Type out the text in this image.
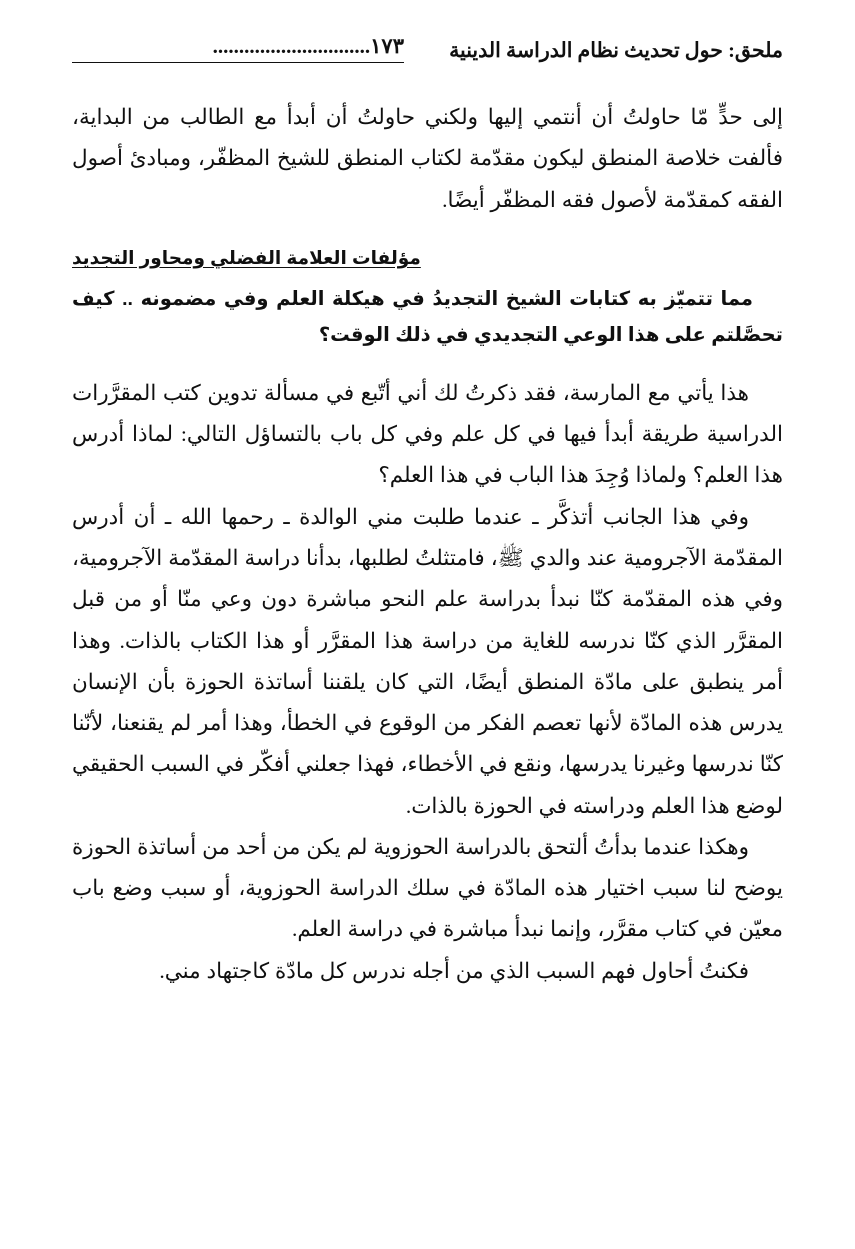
ملحق: حول تحديث نظام الدراسة الدينية
١٧٣..............................

إلى حدٍّ مّا حاولتُ أن أنتمي إليها ولكني حاولتُ أن أبدأ مع الطالب من البداية، فألفت خلاصة المنطق ليكون مقدّمة لكتاب المنطق للشيخ المظفّر، ومبادئ أصول الفقه كمقدّمة لأصول فقه المظفّر أيضًا.

مؤلفات العلامة الفضلي ومحاور التجديد

مما تتميّز به كتابات الشيخ التجديدُ في هيكلة العلم وفي مضمونه .. كيف تحصَّلتم على هذا الوعي التجديدي في ذلك الوقت؟

هذا يأتي مع المارسة، فقد ذكرتُ لك أني أتّبع في مسألة تدوين كتب المقرَّرات الدراسية طريقة أبدأ فيها في كل علم وفي كل باب بالتساؤل التالي: لماذا أدرس هذا العلم؟ ولماذا وُجِدَ هذا الباب في هذا العلم؟

وفي هذا الجانب أتذكَّر ـ عندما طلبت مني الوالدة ـ رحمها الله ـ أن أدرس المقدّمة الآجرومية عند والدي ﷺ، فامتثلتُ لطلبها، بدأنا دراسة المقدّمة الآجرومية، وفي هذه المقدّمة كنّا نبدأ بدراسة علم النحو مباشرة دون وعي منّا أو من قبل المقرَّر الذي كنّا ندرسه للغاية من دراسة هذا المقرَّر أو هذا الكتاب بالذات. وهذا أمر ينطبق على مادّة المنطق أيضًا، التي كان يلقننا أساتذة الحوزة بأن الإنسان يدرس هذه المادّة لأنها تعصم الفكر من الوقوع في الخطأ، وهذا أمر لم يقنعنا، لأنّنا كنّا ندرسها وغيرنا يدرسها، ونقع في الأخطاء، فهذا جعلني أفكّر في السبب الحقيقي لوضع هذا العلم ودراسته في الحوزة بالذات.

وهكذا عندما بدأتُ ألتحق بالدراسة الحوزوية لم يكن من أحد من أساتذة الحوزة يوضح لنا سبب اختيار هذه المادّة في سلك الدراسة الحوزوية، أو سبب وضع باب معيّن في كتاب مقرَّر، وإنما نبدأ مباشرة في دراسة العلم.

فكنتُ أحاول فهم السبب الذي من أجله ندرس كل مادّة كاجتهاد مني.
